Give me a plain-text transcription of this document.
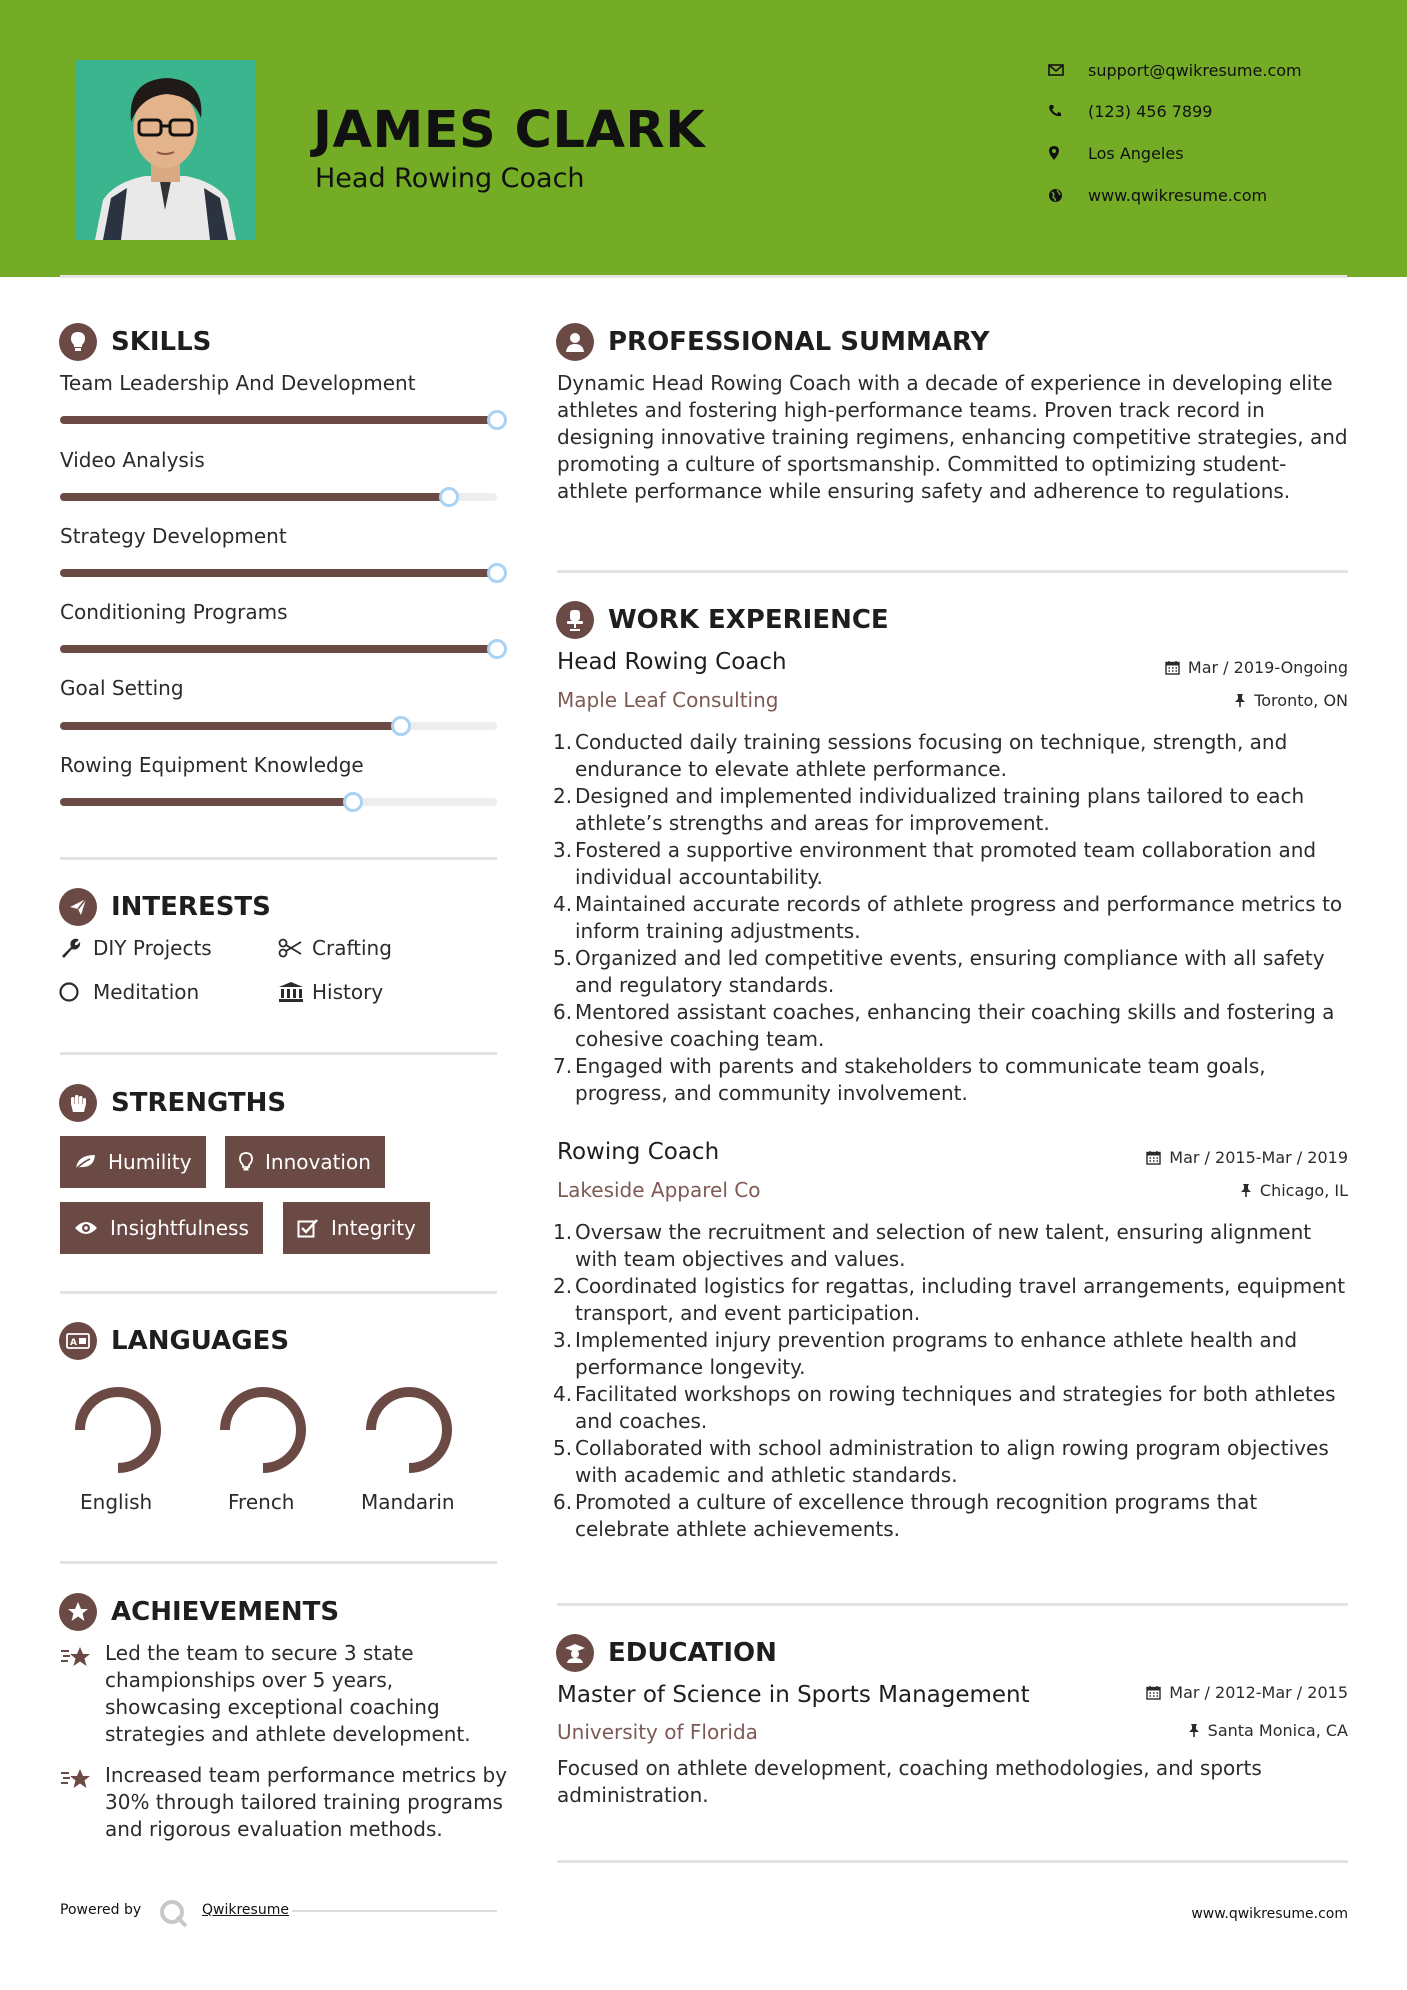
JAMES CLARK
Head Rowing Coach
support@qwikresume.com
(123) 456 7899
Los Angeles
www.qwikresume.com
SKILLS
Team Leadership And Development
Video Analysis
Strategy Development
Conditioning Programs
Goal Setting
Rowing Equipment Knowledge
INTERESTS
DIY Projects	Crafting
Meditation	History
STRENGTHS
Humility	Innovation
Insightfulness	Integrity
A LANGUAGES
English	French	Mandarin
ACHIEVEMENTS
Led the team to secure 3 state championships over 5 years, showcasing exceptional coaching strategies and athlete development.
Increased team performance metrics by 30% through tailored training programs and rigorous evaluation methods.
PROFESSIONAL SUMMARY
Dynamic Head Rowing Coach with a decade of experience in developing elite athletes and fostering high-performance teams. Proven track record in designing innovative training regimens, enhancing competitive strategies, and promoting a culture of sportsmanship. Committed to optimizing student-athlete performance while ensuring safety and adherence to regulations.
WORK EXPERIENCE
Head Rowing Coach	Mar / 2019-Ongoing
Maple Leaf Consulting	Toronto, ON
1. Conducted daily training sessions focusing on technique, strength, and endurance to elevate athlete performance.
2. Designed and implemented individualized training plans tailored to each athlete’s strengths and areas for improvement.
3. Fostered a supportive environment that promoted team collaboration and individual accountability.
4. Maintained accurate records of athlete progress and performance metrics to inform training adjustments.
5. Organized and led competitive events, ensuring compliance with all safety and regulatory standards.
6. Mentored assistant coaches, enhancing their coaching skills and fostering a cohesive coaching team.
7. Engaged with parents and stakeholders to communicate team goals, progress, and community involvement.
Rowing Coach	Mar / 2015-Mar / 2019
Lakeside Apparel Co	Chicago, IL
1. Oversaw the recruitment and selection of new talent, ensuring alignment with team objectives and values.
2. Coordinated logistics for regattas, including travel arrangements, equipment transport, and event participation.
3. Implemented injury prevention programs to enhance athlete health and performance longevity.
4. Facilitated workshops on rowing techniques and strategies for both athletes and coaches.
5. Collaborated with school administration to align rowing program objectives with academic and athletic standards.
6. Promoted a culture of excellence through recognition programs that celebrate athlete achievements.
EDUCATION
Master of Science in Sports Management	Mar / 2012-Mar / 2015
University of Florida	Santa Monica, CA
Focused on athlete development, coaching methodologies, and sports administration.
Powered by	Qwikresume	www.qwikresume.com
